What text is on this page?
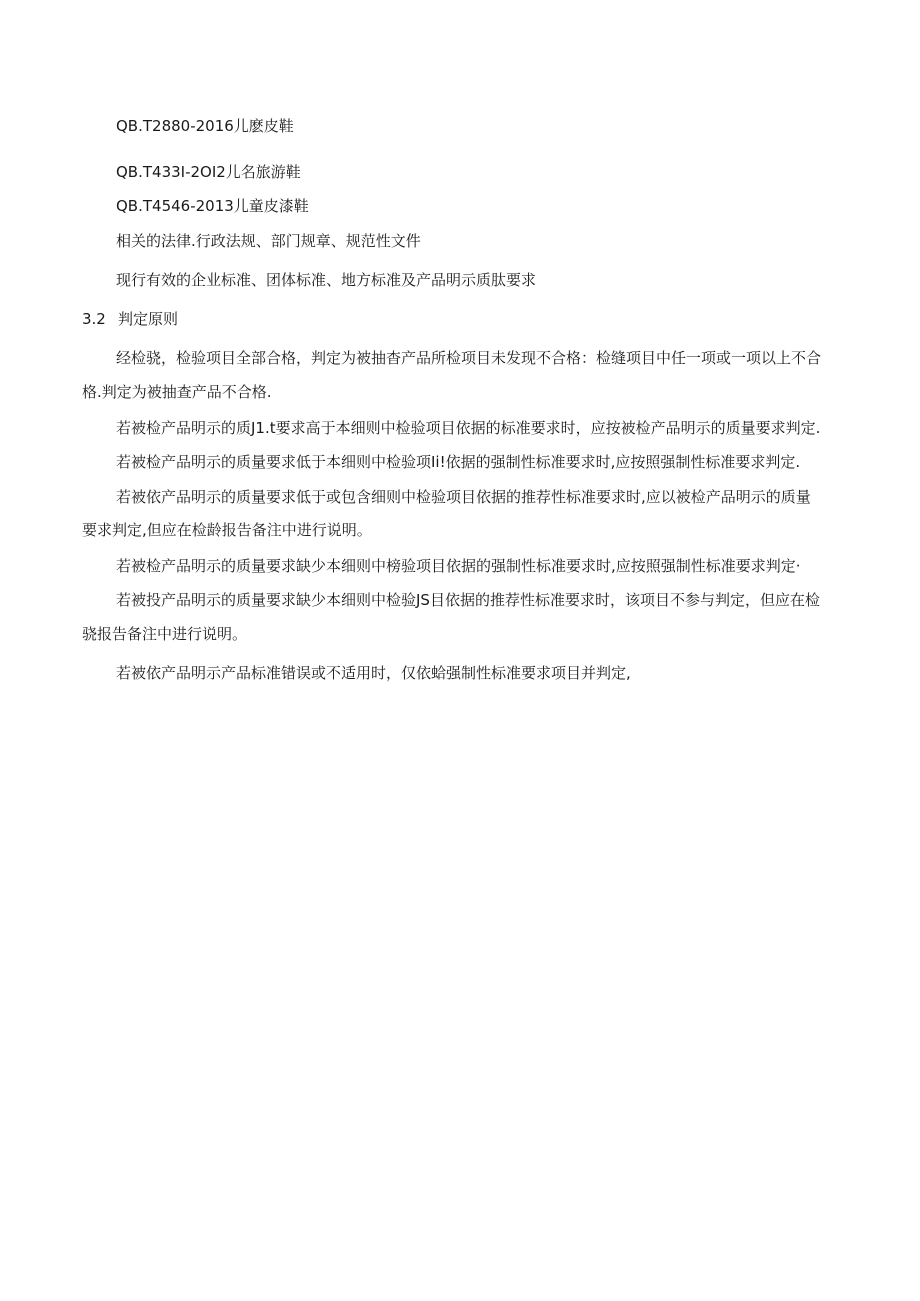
QB.T2880-2016儿麽皮鞋
QB.T433I-2OI2儿名旅游鞋
QB.T4546-2013儿童皮漆鞋
相关的法律.行政法规、部门规章、规范性文件
现行有效的企业标准、团体标准、地方标准及产品明示质肽要求
3.2 判定原则
经检骁，检验项目全部合格，判定为被抽杳产品所检项目未发现不合格：检缝项目中任一项或一项以上不合
格.判定为被抽查产品不合格.
若被检产品明示的质J1.t要求高于本细则中检验项目依据的标准要求时，应按被检产品明示的质量要求判定.
若被检产品明示的质量要求低于本细则中检验项Ii!依据的强制性标准要求时,应按照强制性标准要求判定.
若被依产品明示的质量要求低于或包含细则中检验项目依据的推荐性标准要求时,应以被检产品明示的质量
要求判定,但应在检龄报告备注中进行说明。
若被检产品明示的质量要求缺少本细则中榜验项目依据的强制性标准要求时,应按照强制性标准要求判定·
若被投产品明示的质量要求缺少本细则中检验JS目依据的推荐性标准要求时，该项目不参与判定，但应在检
骁报告备注中进行说明。
若被依产品明示产品标准错误或不适用时，仅依蛤强制性标准要求项目并判定,
